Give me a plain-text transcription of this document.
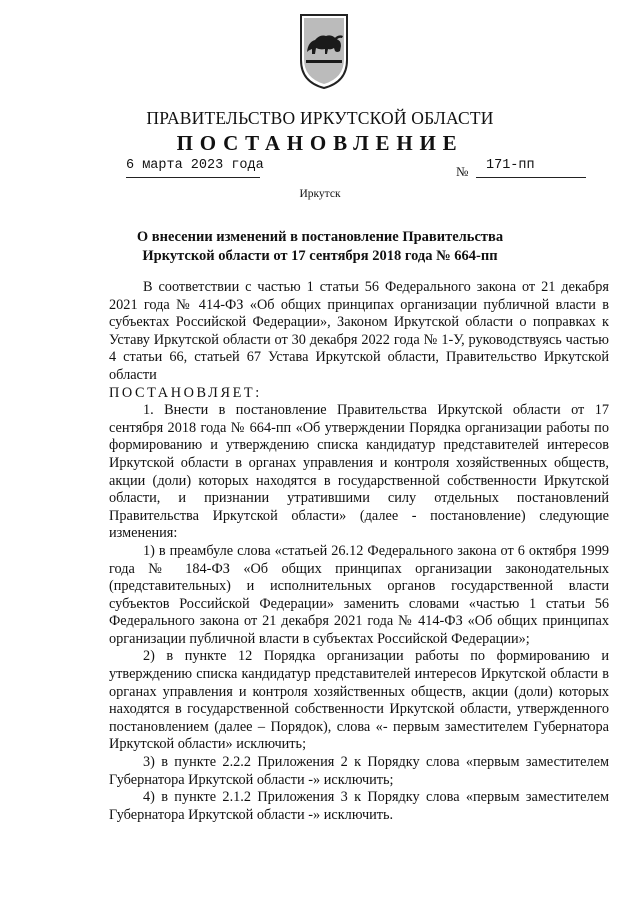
ПРАВИТЕЛЬСТВО ИРКУТСКОЙ ОБЛАСТИ
ПОСТАНОВЛЕНИЕ
6 марта 2023 года	№ 171-пп
Иркутск
О внесении изменений в постановление Правительства
Иркутской области от 17 сентября 2018 года № 664-пп

В соответствии с частью 1 статьи 56 Федерального закона от 21 декабря 2021 года № 414-ФЗ «Об общих принципах организации публичной власти в субъектах Российской Федерации», Законом Иркутской области о поправках к Уставу Иркутской области от 30 декабря 2022 года № 1-У, руководствуясь частью 4 статьи 66, статьей 67 Устава Иркутской области, Правительство Иркутской области

ПОСТАНОВЛЯЕТ:

1. Внести в постановление Правительства Иркутской области от 17 сентября 2018 года № 664-пп «Об утверждении Порядка организации работы по формированию и утверждению списка кандидатур представителей интересов Иркутской области в органах управления и контроля хозяйственных обществ, акции (доли) которых находятся в государственной собственности Иркутской области, и признании утратившими силу отдельных постановлений Правительства Иркутской области» (далее - постановление) следующие изменения:

1) в преамбуле слова «статьей 26.12 Федерального закона от 6 октября 1999 года № 184-ФЗ «Об общих принципах организации законодательных (представительных) и исполнительных органов государственной власти субъектов Российской Федерации» заменить словами «частью 1 статьи 56 Федерального закона от 21 декабря 2021 года № 414-ФЗ «Об общих принципах организации публичной власти в субъектах Российской Федерации»;

2) в пункте 12 Порядка организации работы по формированию и утверждению списка кандидатур представителей интересов Иркутской области в органах управления и контроля хозяйственных обществ, акции (доли) которых находятся в государственной собственности Иркутской области, утвержденного постановлением (далее – Порядок), слова «- первым заместителем Губернатора Иркутской области» исключить;

3) в пункте 2.2.2 Приложения 2 к Порядку слова «первым заместителем Губернатора Иркутской области -» исключить;

4) в пункте 2.1.2 Приложения 3 к Порядку слова «первым заместителем Губернатора Иркутской области -» исключить.
